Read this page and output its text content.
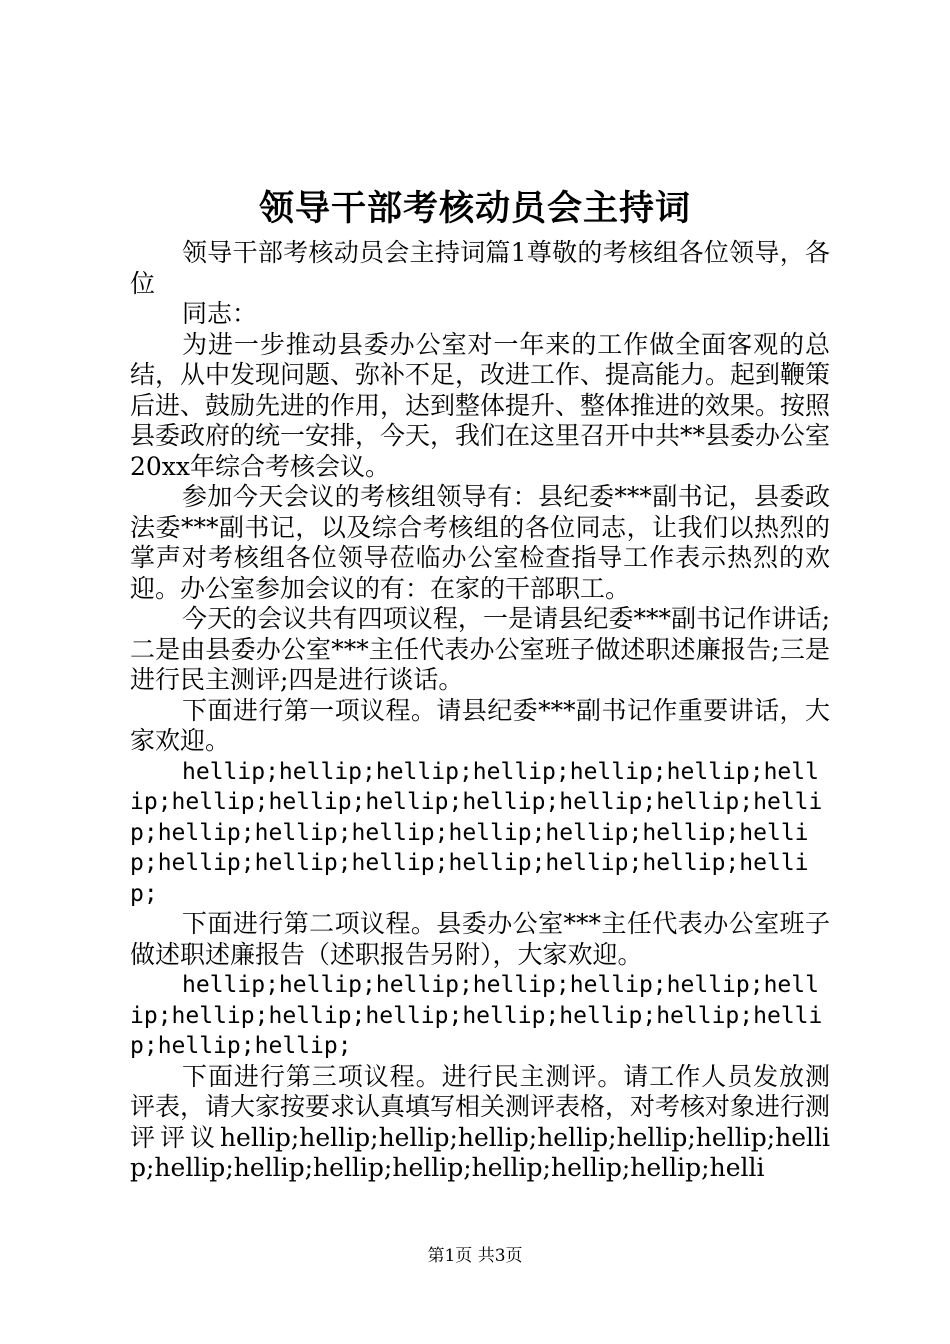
领导干部考核动员会主持词

领导干部考核动员会主持词篇1尊敬的考核组各位领导，各位

同志：

为进一步推动县委办公室对一年来的工作做全面客观的总结，从中发现问题、弥补不足，改进工作、提高能力。起到鞭策后进、鼓励先进的作用，达到整体提升、整体推进的效果。按照县委政府的统一安排，今天，我们在这里召开中共**县委办公室20xx年综合考核会议。

参加今天会议的考核组领导有：县纪委***副书记，县委政法委***副书记，以及综合考核组的各位同志，让我们以热烈的掌声对考核组各位领导莅临办公室检查指导工作表示热烈的欢迎。办公室参加会议的有：在家的干部职工。

今天的会议共有四项议程，一是请县纪委***副书记作讲话;二是由县委办公室***主任代表办公室班子做述职述廉报告;三是进行民主测评;四是进行谈话。

下面进行第一项议程。请县纪委***副书记作重要讲话，大家欢迎。

hellip;hellip;hellip;hellip;hellip;hellip;hellip;hellip;hellip;hellip;hellip;hellip;hellip;hellip;hellip;hellip;hellip;hellip;hellip;hellip;hellip;hellip;hellip;hellip;hellip;hellip;hellip;hellip;

下面进行第二项议程。县委办公室***主任代表办公室班子做述职述廉报告（述职报告另附），大家欢迎。

hellip;hellip;hellip;hellip;hellip;hellip;hellip;hellip;hellip;hellip;hellip;hellip;hellip;hellip;hellip;hellip;

下面进行第三项议程。进行民主测评。请工作人员发放测评表，请大家按要求认真填写相关测评表格，对考核对象进行测评评议hellip;hellip;hellip;hellip;hellip;hellip;hellip;hellip;hellip;hellip;hellip;hellip;hellip;hellip;hellip;helli

第1页 共3页
